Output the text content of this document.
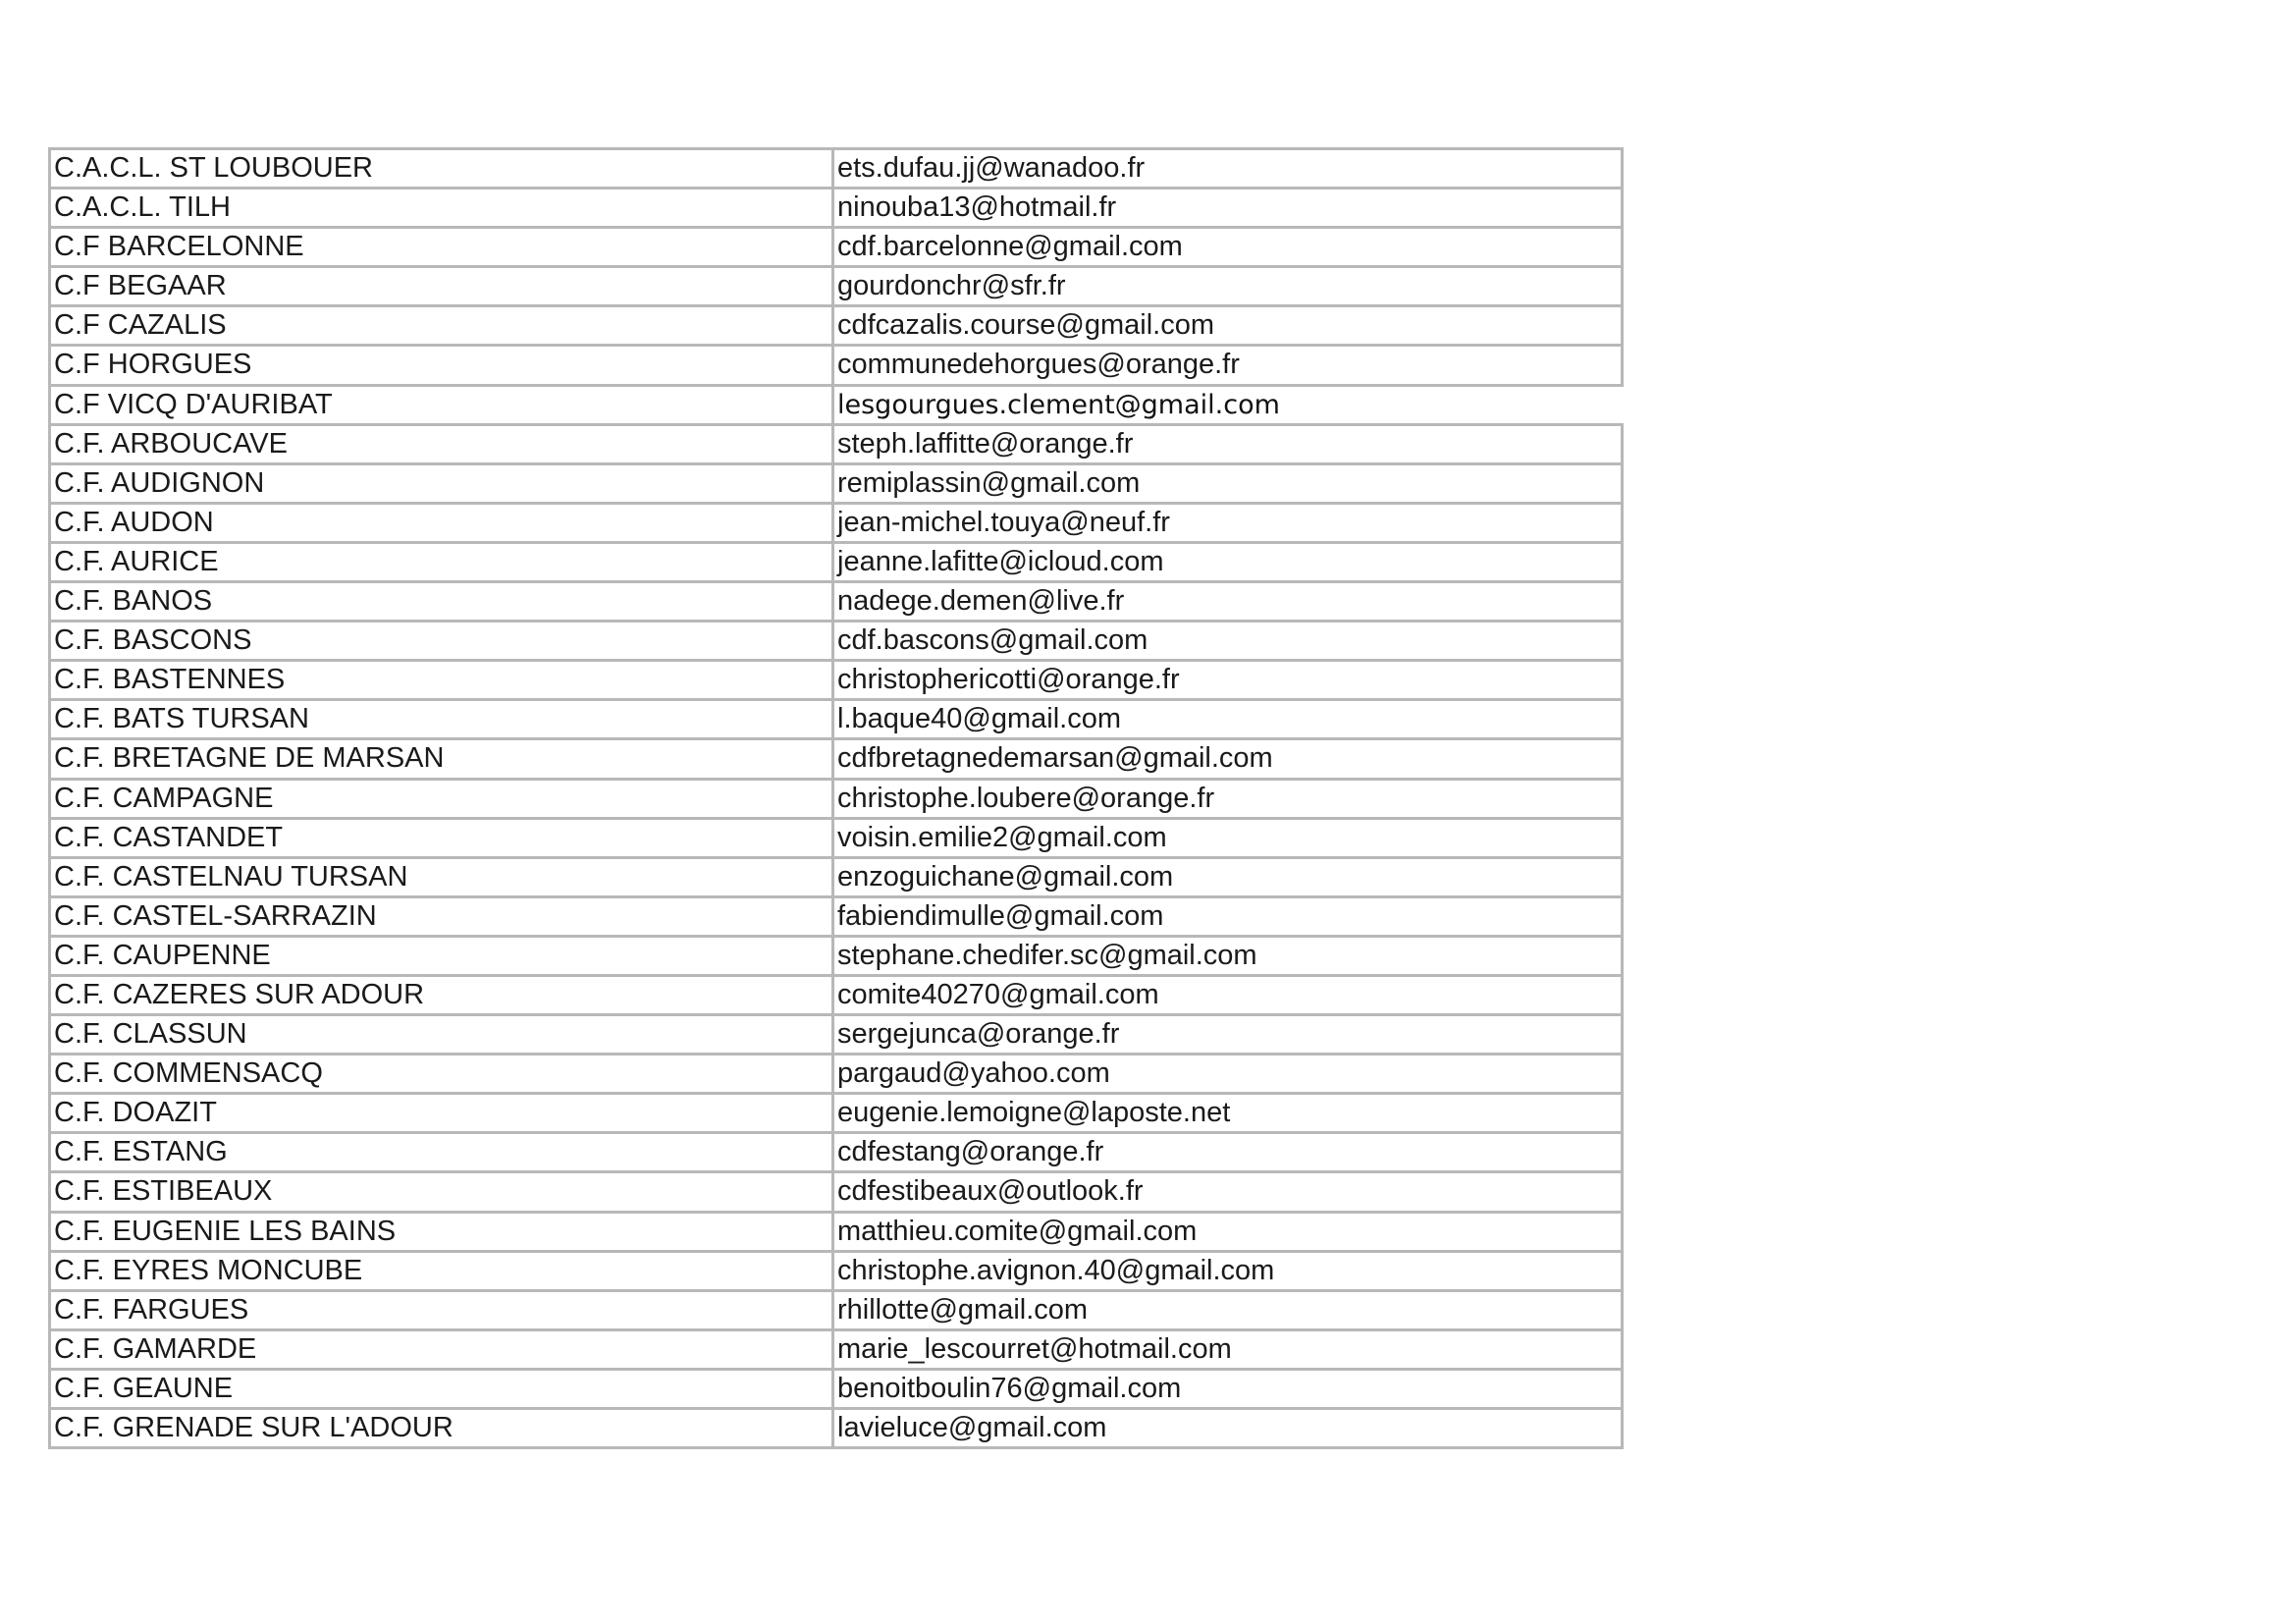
C.A.C.L. ST LOUBOUER	ets.dufau.jj@wanadoo.fr
C.A.C.L. TILH	ninouba13@hotmail.fr
C.F BARCELONNE	cdf.barcelonne@gmail.com
C.F BEGAAR	gourdonchr@sfr.fr
C.F CAZALIS	cdfcazalis.course@gmail.com
C.F HORGUES	communedehorgues@orange.fr
C.F VICQ D'AURIBAT	lesgourgues.clement@gmail.com
C.F. ARBOUCAVE	steph.laffitte@orange.fr
C.F. AUDIGNON	remiplassin@gmail.com
C.F. AUDON	jean-michel.touya@neuf.fr
C.F. AURICE	jeanne.lafitte@icloud.com
C.F. BANOS	nadege.demen@live.fr
C.F. BASCONS	cdf.bascons@gmail.com
C.F. BASTENNES	christophericotti@orange.fr
C.F. BATS TURSAN	l.baque40@gmail.com
C.F. BRETAGNE DE MARSAN	cdfbretagnedemarsan@gmail.com
C.F. CAMPAGNE	christophe.loubere@orange.fr
C.F. CASTANDET	voisin.emilie2@gmail.com
C.F. CASTELNAU TURSAN	enzoguichane@gmail.com
C.F. CASTEL-SARRAZIN	fabiendimulle@gmail.com
C.F. CAUPENNE	stephane.chedifer.sc@gmail.com
C.F. CAZERES SUR ADOUR	comite40270@gmail.com
C.F. CLASSUN	sergejunca@orange.fr
C.F. COMMENSACQ	pargaud@yahoo.com
C.F. DOAZIT	eugenie.lemoigne@laposte.net
C.F. ESTANG	cdfestang@orange.fr
C.F. ESTIBEAUX	cdfestibeaux@outlook.fr
C.F. EUGENIE LES BAINS	matthieu.comite@gmail.com
C.F. EYRES MONCUBE	christophe.avignon.40@gmail.com
C.F. FARGUES	rhillotte@gmail.com
C.F. GAMARDE	marie_lescourret@hotmail.com
C.F. GEAUNE	benoitboulin76@gmail.com
C.F. GRENADE SUR L'ADOUR	lavieluce@gmail.com
